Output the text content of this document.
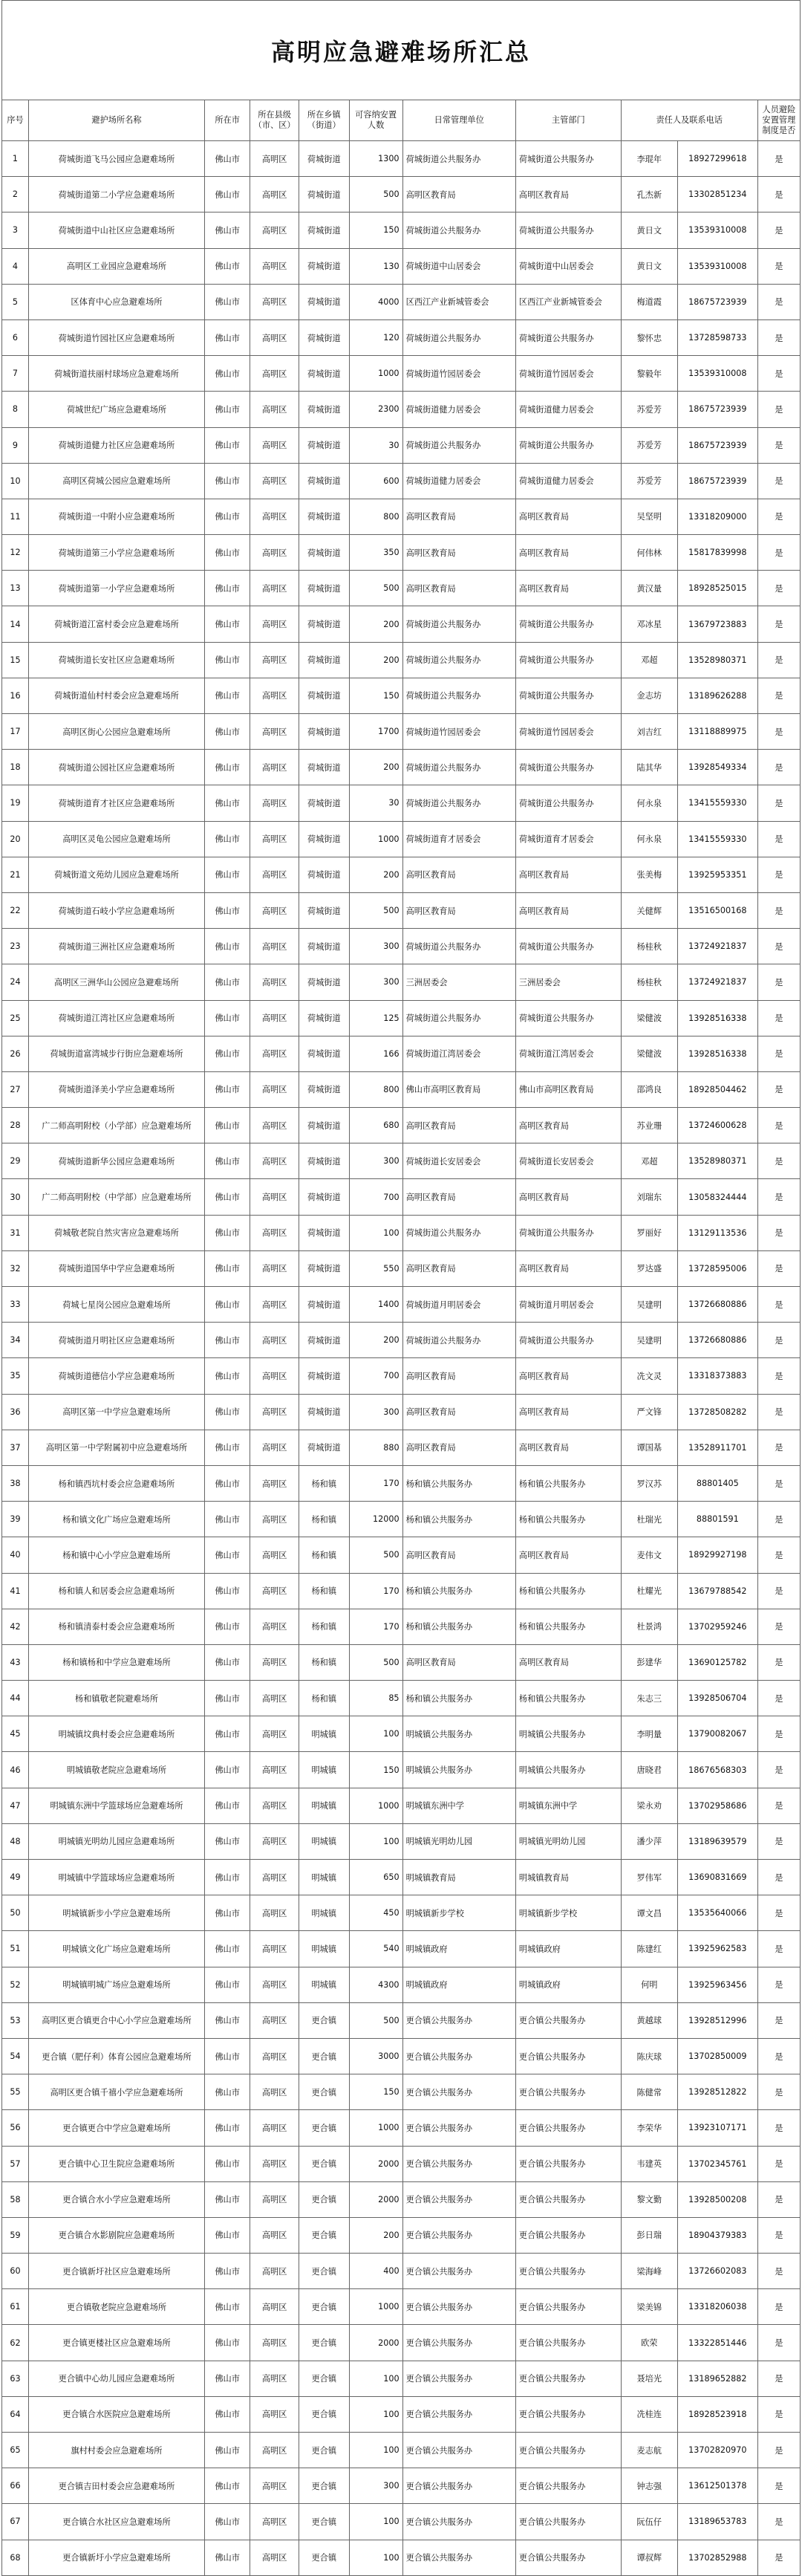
高明应急避难场所汇总
序号	避护场所名称	所在市	所在县级（市、区）	所在乡镇（街道）	可容纳安置人数	日常管理单位	主管部门	责任人及联系电话		人员避险安置管理制度是否
1	荷城街道飞马公园应急避难场所	佛山市	高明区	荷城街道	1300	荷城街道公共服务办	荷城街道公共服务办	李琨年	18927299618	是
2	荷城街道第二小学应急避难场所	佛山市	高明区	荷城街道	500	高明区教育局	高明区教育局	孔杰新	13302851234	是
3	荷城街道中山社区应急避难场所	佛山市	高明区	荷城街道	150	荷城街道公共服务办	荷城街道公共服务办	黄日文	13539310008	是
4	高明区工业园应急避难场所	佛山市	高明区	荷城街道	130	荷城街道中山居委会	荷城街道中山居委会	黄日文	13539310008	是
5	区体育中心应急避难场所	佛山市	高明区	荷城街道	4000	区西江产业新城管委会	区西江产业新城管委会	梅道霞	18675723939	是
6	荷城街道竹园社区应急避难场所	佛山市	高明区	荷城街道	120	荷城街道公共服务办	荷城街道公共服务办	黎怀忠	13728598733	是
7	荷城街道扶丽村球场应急避难场所	佛山市	高明区	荷城街道	1000	荷城街道竹园居委会	荷城街道竹园居委会	黎毅年	13539310008	是
8	荷城世纪广场应急避难场所	佛山市	高明区	荷城街道	2300	荷城街道健力居委会	荷城街道健力居委会	苏爱芳	18675723939	是
9	荷城街道健力社区应急避难场所	佛山市	高明区	荷城街道	30	荷城街道公共服务办	荷城街道公共服务办	苏爱芳	18675723939	是
10	高明区荷城公园应急避难场所	佛山市	高明区	荷城街道	600	荷城街道健力居委会	荷城街道健力居委会	苏爱芳	18675723939	是
11	荷城街道一中附小应急避难场所	佛山市	高明区	荷城街道	800	高明区教育局	高明区教育局	吴坚明	13318209000	是
12	荷城街道第三小学应急避难场所	佛山市	高明区	荷城街道	350	高明区教育局	高明区教育局	何伟林	15817839998	是
13	荷城街道第一小学应急避难场所	佛山市	高明区	荷城街道	500	高明区教育局	高明区教育局	黄汉量	18928525015	是
14	荷城街道江富村委会应急避难场所	佛山市	高明区	荷城街道	200	荷城街道公共服务办	荷城街道公共服务办	邓冰星	13679723883	是
15	荷城街道长安社区应急避难场所	佛山市	高明区	荷城街道	200	荷城街道公共服务办	荷城街道公共服务办	邓超	13528980371	是
16	荷城街道仙村村委会应急避难场所	佛山市	高明区	荷城街道	150	荷城街道公共服务办	荷城街道公共服务办	金志坊	13189626288	是
17	高明区街心公园应急避难场所	佛山市	高明区	荷城街道	1700	荷城街道竹园居委会	荷城街道竹园居委会	刘吉红	13118889975	是
18	荷城街道公园社区应急避难场所	佛山市	高明区	荷城街道	200	荷城街道公共服务办	荷城街道公共服务办	陆其华	13928549334	是
19	荷城街道育才社区应急避难场所	佛山市	高明区	荷城街道	30	荷城街道公共服务办	荷城街道公共服务办	何永泉	13415559330	是
20	高明区灵龟公园应急避难场所	佛山市	高明区	荷城街道	1000	荷城街道育才居委会	荷城街道育才居委会	何永泉	13415559330	是
21	荷城街道文苑幼儿园应急避难场所	佛山市	高明区	荷城街道	200	高明区教育局	高明区教育局	张美梅	13925953351	是
22	荷城街道石岐小学应急避难场所	佛山市	高明区	荷城街道	500	高明区教育局	高明区教育局	关健辉	13516500168	是
23	荷城街道三洲社区应急避难场所	佛山市	高明区	荷城街道	300	荷城街道公共服务办	荷城街道公共服务办	杨桂秋	13724921837	是
24	高明区三洲华山公园应急避难场所	佛山市	高明区	荷城街道	300	三洲居委会	三洲居委会	杨桂秋	13724921837	是
25	荷城街道江湾社区应急避难场所	佛山市	高明区	荷城街道	125	荷城街道公共服务办	荷城街道公共服务办	梁健波	13928516338	是
26	荷城街道富湾城步行街应急避难场所	佛山市	高明区	荷城街道	166	荷城街道江湾居委会	荷城街道江湾居委会	梁健波	13928516338	是
27	荷城街道泽美小学应急避难场所	佛山市	高明区	荷城街道	800	佛山市高明区教育局	佛山市高明区教育局	邵鸿良	18928504462	是
28	广二师高明附校（小学部）应急避难场所	佛山市	高明区	荷城街道	680	高明区教育局	高明区教育局	苏业珊	13724600628	是
29	荷城街道新华公园应急避难场所	佛山市	高明区	荷城街道	300	荷城街道长安居委会	荷城街道长安居委会	邓超	13528980371	是
30	广二师高明附校（中学部）应急避难场所	佛山市	高明区	荷城街道	700	高明区教育局	高明区教育局	刘瑞东	13058324444	是
31	荷城敬老院自然灾害应急避难场所	佛山市	高明区	荷城街道	100	荷城街道公共服务办	荷城街道公共服务办	罗丽好	13129113536	是
32	荷城街道国华中学应急避难场所	佛山市	高明区	荷城街道	550	高明区教育局	高明区教育局	罗达盛	13728595006	是
33	荷城七星岗公园应急避难场所	佛山市	高明区	荷城街道	1400	荷城街道月明居委会	荷城街道月明居委会	吴建明	13726680886	是
34	荷城街道月明社区应急避难场所	佛山市	高明区	荷城街道	200	荷城街道公共服务办	荷城街道公共服务办	吴建明	13726680886	是
35	荷城街道德信小学应急避难场所	佛山市	高明区	荷城街道	700	高明区教育局	高明区教育局	冼文灵	13318373883	是
36	高明区第一中学应急避难场所	佛山市	高明区	荷城街道	300	高明区教育局	高明区教育局	严文锋	13728508282	是
37	高明区第一中学附属初中应急避难场所	佛山市	高明区	荷城街道	880	高明区教育局	高明区教育局	谭国基	13528911701	是
38	杨和镇西坑村委会应急避难场所	佛山市	高明区	杨和镇	170	杨和镇公共服务办	杨和镇公共服务办	罗汉苏	88801405	是
39	杨和镇文化广场应急避难场所	佛山市	高明区	杨和镇	12000	杨和镇公共服务办	杨和镇公共服务办	杜瑞光	88801591	是
40	杨和镇中心小学应急避难场所	佛山市	高明区	杨和镇	500	高明区教育局	高明区教育局	麦伟文	18929927198	是
41	杨和镇人和居委会应急避难场所	佛山市	高明区	杨和镇	170	杨和镇公共服务办	杨和镇公共服务办	杜耀光	13679788542	是
42	杨和镇清泰村委会应急避难场所	佛山市	高明区	杨和镇	170	杨和镇公共服务办	杨和镇公共服务办	杜景鸿	13702959246	是
43	杨和镇杨和中学应急避难场所	佛山市	高明区	杨和镇	500	高明区教育局	高明区教育局	彭建华	13690125782	是
44	杨和镇敬老院避难场所	佛山市	高明区	杨和镇	85	杨和镇公共服务办	杨和镇公共服务办	朱志三	13928506704	是
45	明城镇坟典村委会应急避难场所	佛山市	高明区	明城镇	100	明城镇公共服务办	明城镇公共服务办	李明量	13790082067	是
46	明城镇敬老院应急避难场所	佛山市	高明区	明城镇	150	明城镇公共服务办	明城镇公共服务办	唐晓君	18676568303	是
47	明城镇东洲中学篮球场应急避难场所	佛山市	高明区	明城镇	1000	明城镇东洲中学	明城镇东洲中学	梁永劝	13702958686	是
48	明城镇光明幼儿园应急避难场所	佛山市	高明区	明城镇	100	明城镇光明幼儿园	明城镇光明幼儿园	潘少萍	13189639579	是
49	明城镇中学篮球场应急避难场所	佛山市	高明区	明城镇	650	明城镇教育局	明城镇教育局	罗伟军	13690831669	是
50	明城镇新步小学应急避难场所	佛山市	高明区	明城镇	450	明城镇新步学校	明城镇新步学校	谭文昌	13535640066	是
51	明城镇文化广场应急避难场所	佛山市	高明区	明城镇	540	明城镇政府	明城镇政府	陈建红	13925962583	是
52	明城镇明城广场应急避难场所	佛山市	高明区	明城镇	4300	明城镇政府	明城镇政府	何明	13925963456	是
53	高明区更合镇更合中心小学应急避难场所	佛山市	高明区	更合镇	500	更合镇公共服务办	更合镇公共服务办	黄越球	13928512996	是
54	更合镇（肥仔利）体育公园应急避难场所	佛山市	高明区	更合镇	3000	更合镇公共服务办	更合镇公共服务办	陈庆球	13702850009	是
55	高明区更合镇千禧小学应急避难场所	佛山市	高明区	更合镇	150	更合镇公共服务办	更合镇公共服务办	陈健常	13928512822	是
56	更合镇更合中学应急避难场所	佛山市	高明区	更合镇	1000	更合镇公共服务办	更合镇公共服务办	李荣华	13923107171	是
57	更合镇中心卫生院应急避难场所	佛山市	高明区	更合镇	2000	更合镇公共服务办	更合镇公共服务办	韦建英	13702345761	是
58	更合镇合水小学应急避难场所	佛山市	高明区	更合镇	2000	更合镇公共服务办	更合镇公共服务办	黎文勤	13928500208	是
59	更合镇合水影剧院应急避难场所	佛山市	高明区	更合镇	200	更合镇公共服务办	更合镇公共服务办	彭日瑞	18904379383	是
60	更合镇新圩社区应急避难场所	佛山市	高明区	更合镇	400	更合镇公共服务办	更合镇公共服务办	梁海峰	13726602083	是
61	更合镇敬老院应急避难场所	佛山市	高明区	更合镇	1000	更合镇公共服务办	更合镇公共服务办	梁美锦	13318206038	是
62	更合镇更楼社区应急避难场所	佛山市	高明区	更合镇	2000	更合镇公共服务办	更合镇公共服务办	欧荣	13322851446	是
63	更合镇中心幼儿园应急避难场所	佛山市	高明区	更合镇	100	更合镇公共服务办	更合镇公共服务办	聂培光	13189652882	是
64	更合镇合水医院应急避难场所	佛山市	高明区	更合镇	100	更合镇公共服务办	更合镇公共服务办	冼桂连	18928523918	是
65	旗村村委会应急避难场所	佛山市	高明区	更合镇	100	更合镇公共服务办	更合镇公共服务办	麦志航	13702820970	是
66	更合镇吉田村委会应急避难场所	佛山市	高明区	更合镇	300	更合镇公共服务办	更合镇公共服务办	钟志强	13612501378	是
67	更合镇合水社区应急避难场所	佛山市	高明区	更合镇	100	更合镇公共服务办	更合镇公共服务办	阮伍仔	13189653783	是
68	更合镇新圩小学应急避难场所	佛山市	高明区	更合镇	100	更合镇公共服务办	更合镇公共服务办	谭叔辉	13702852988	是
